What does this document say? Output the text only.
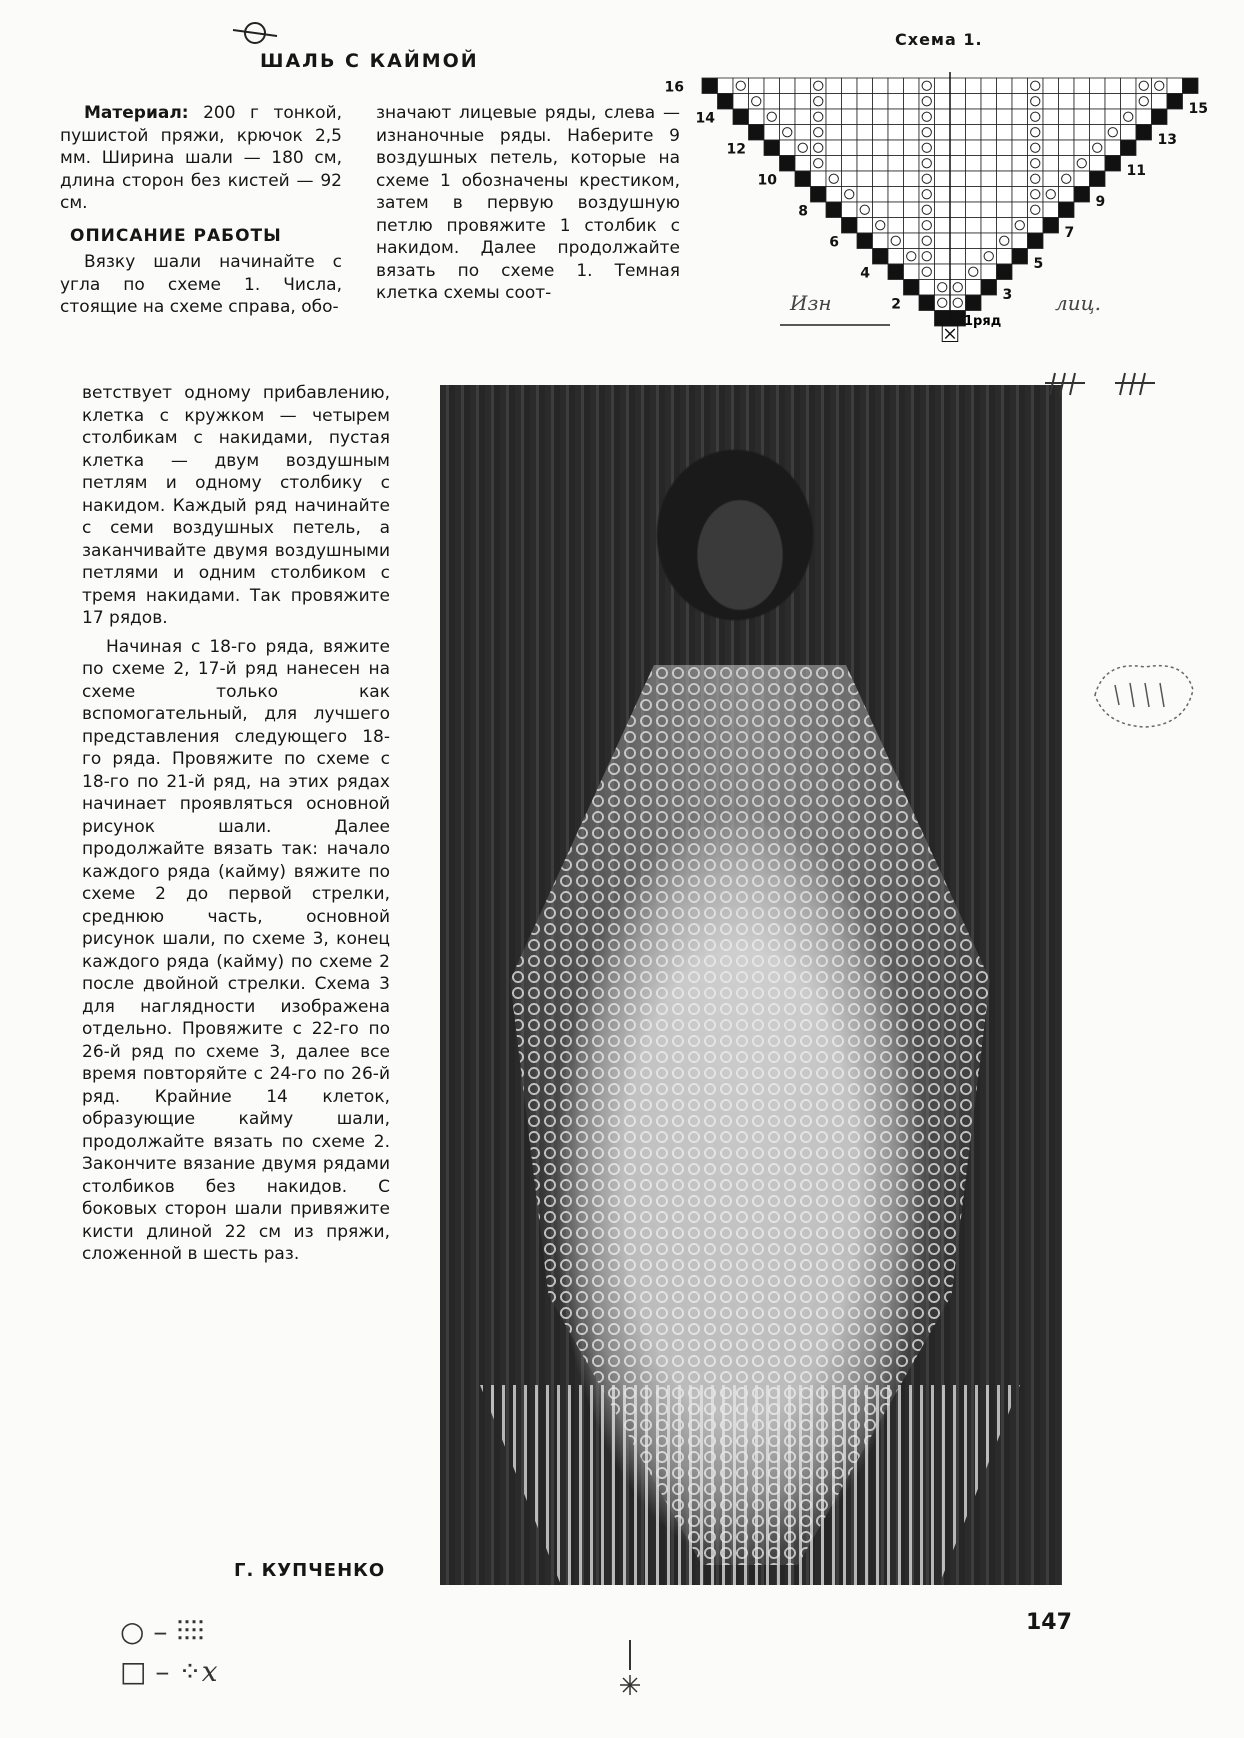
ШАЛЬ С КАЙМОЙ
Схема 1.
16
14
12
10
8
6
4
2
15
13
11
9
7
5
3
1ряд
Изн	лиц.

Материал: 200 г тонкой, пушистой пряжи, крючок 2,5 мм. Ширина шали — 180 см, длина сторон без кистей — 92 см.

ОПИСАНИЕ РАБОТЫ

Вязку шали начинайте с угла по схеме 1. Числа, стоящие на схеме справа, обо-

значают лицевые ряды, слева — изнаночные ряды. Наберите 9 воздушных петель, которые на схеме 1 обозначены крестиком, затем в первую воздушную петлю провяжите 1 столбик с накидом. Далее продолжайте вязать по схеме 1. Темная клетка схемы соот-

ветствует одному прибавлению, клетка с кружком — четырем столбикам с накидами, пустая клетка — двум воздушным петлям и одному столбику с накидом. Каждый ряд начинайте с семи воздушных петель, а заканчивайте двумя воздушными петлями и одним столбиком с тремя накидами. Так провяжите 17 рядов.

Начиная с 18-го ряда, вяжите по схеме 2, 17-й ряд нанесен на схеме только как вспомогательный, для лучшего представления следующего 18-го ряда. Провяжите по схеме с 18-го по 21-й ряд, на этих рядах начинает проявляться основной рисунок шали. Далее продолжайте вязать так: начало каждого ряда (кайму) вяжите по схеме 2 до первой стрелки, среднюю часть, основной рисунок шали, по схеме 3, конец каждого ряда (кайму) по схеме 2 после двойной стрелки. Схема 3 для наглядности изображена отдельно. Провяжите с 22-го по 26-й ряд по схеме 3, далее все время повторяйте с 24-го по 26-й ряд. Крайние 14 клеток, образующие кайму шали, продолжайте вязать по схеме 2. Закончите вязание двумя рядами столбиков без накидов. С боковых сторон шали привяжите кисти длиной 22 см из пряжи, сложенной в шесть раз.

Г. КУПЧЕНКО
147
○ – ⫶⫶⫶⫶
□ – ⁘𝑥
